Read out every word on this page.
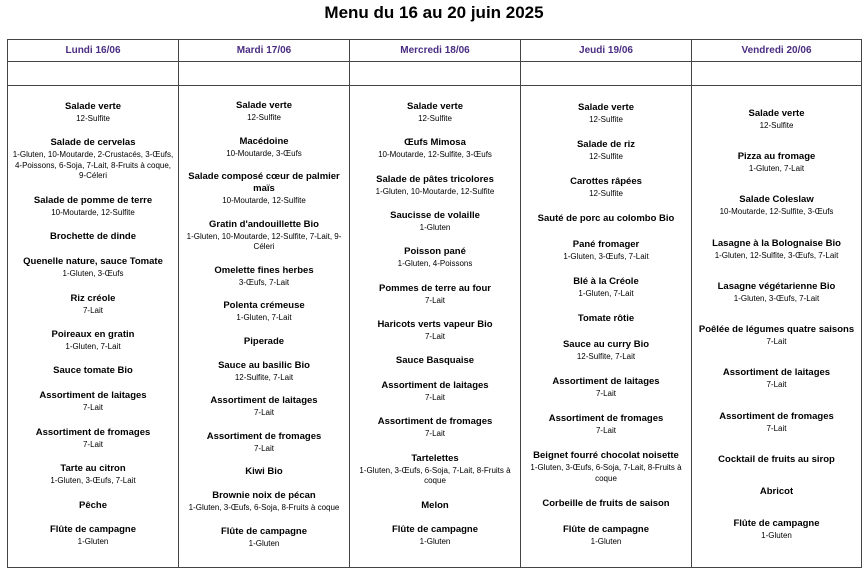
Menu du 16 au 20 juin 2025
Lundi 16/06
Salade verte
12-Sulfite
Salade de cervelas
1-Gluten, 10-Moutarde, 2-Crustacés, 3-Œufs, 4-Poissons, 6-Soja, 7-Lait, 8-Fruits à coque, 9-Céleri
Salade de pomme de terre
10-Moutarde, 12-Sulfite
Brochette de dinde
Quenelle nature, sauce Tomate
1-Gluten, 3-Œufs
Riz créole
7-Lait
Poireaux en gratin
1-Gluten, 7-Lait
Sauce tomate Bio
Assortiment de laitages
7-Lait
Assortiment de fromages
7-Lait
Tarte au citron
1-Gluten, 3-Œufs, 7-Lait
Pêche
Flûte de campagne
1-Gluten
Mardi 17/06
Salade verte
12-Sulfite
Macédoine
10-Moutarde, 3-Œufs
Salade composé cœur de palmier maïs
10-Moutarde, 12-Sulfite
Gratin d'andouillette Bio
1-Gluten, 10-Moutarde, 12-Sulfite, 7-Lait, 9-Céleri
Omelette fines herbes
3-Œufs, 7-Lait
Polenta crémeuse
1-Gluten, 7-Lait
Piperade
Sauce au basilic Bio
12-Sulfite, 7-Lait
Assortiment de laitages
7-Lait
Assortiment de fromages
7-Lait
Kiwi Bio
Brownie noix de pécan
1-Gluten, 3-Œufs, 6-Soja, 8-Fruits à coque
Flûte de campagne
1-Gluten
Mercredi 18/06
Salade verte
12-Sulfite
Œufs Mimosa
10-Moutarde, 12-Sulfite, 3-Œufs
Salade de pâtes tricolores
1-Gluten, 10-Moutarde, 12-Sulfite
Saucisse de volaille
1-Gluten
Poisson pané
1-Gluten, 4-Poissons
Pommes de terre au four
7-Lait
Haricots verts vapeur Bio
7-Lait
Sauce Basquaise
Assortiment de laitages
7-Lait
Assortiment de fromages
7-Lait
Tartelettes
1-Gluten, 3-Œufs, 6-Soja, 7-Lait, 8-Fruits à coque
Melon
Flûte de campagne
1-Gluten
Jeudi 19/06
Salade verte
12-Sulfite
Salade de riz
12-Sulfite
Carottes râpées
12-Sulfite
Sauté de porc au colombo Bio
Pané fromager
1-Gluten, 3-Œufs, 7-Lait
Blé à la Créole
1-Gluten, 7-Lait
Tomate rôtie
Sauce au curry Bio
12-Sulfite, 7-Lait
Assortiment de laitages
7-Lait
Assortiment de fromages
7-Lait
Beignet fourré chocolat noisette
1-Gluten, 3-Œufs, 6-Soja, 7-Lait, 8-Fruits à coque
Corbeille de fruits de saison
Flûte de campagne
1-Gluten
Vendredi 20/06
Salade verte
12-Sulfite
Pizza au fromage
1-Gluten, 7-Lait
Salade Coleslaw
10-Moutarde, 12-Sulfite, 3-Œufs
Lasagne à la Bolognaise Bio
1-Gluten, 12-Sulfite, 3-Œufs, 7-Lait
Lasagne végétarienne Bio
1-Gluten, 3-Œufs, 7-Lait
Poêlée de légumes quatre saisons
7-Lait
Assortiment de laitages
7-Lait
Assortiment de fromages
7-Lait
Cocktail de fruits au sirop
Abricot
Flûte de campagne
1-Gluten
